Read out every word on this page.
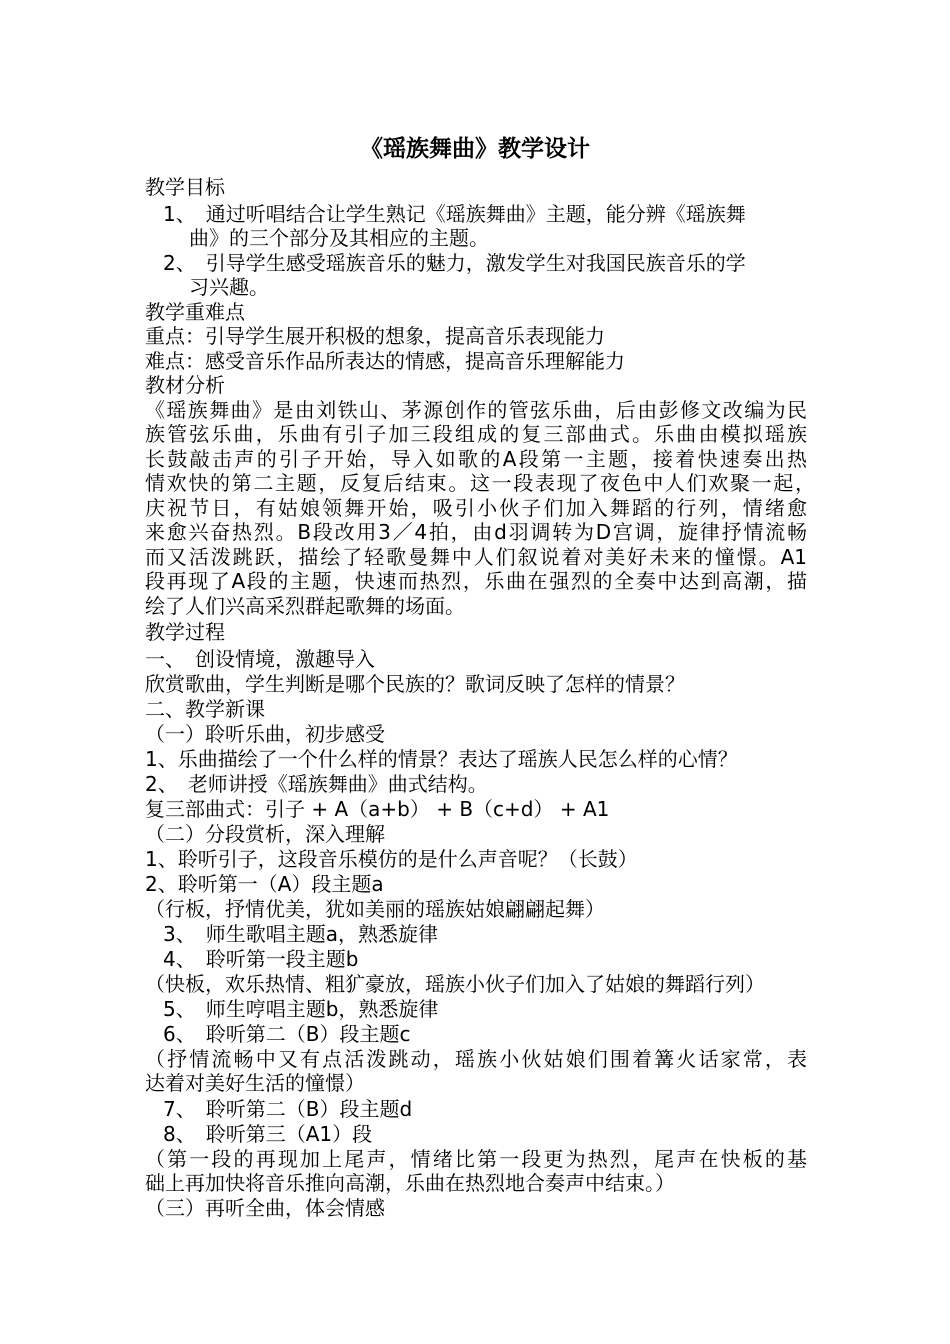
《瑶族舞曲》教学设计
教学目标
1、　通过听唱结合让学生熟记《瑶族舞曲》主题，能分辨《瑶族舞
曲》的三个部分及其相应的主题。
2、　引导学生感受瑶族音乐的魅力，激发学生对我国民族音乐的学
习兴趣。
教学重难点
重点：引导学生展开积极的想象，提高音乐表现能力
难点：感受音乐作品所表达的情感，提高音乐理解能力
教材分析
《瑶族舞曲》是由刘铁山、茅源创作的管弦乐曲，后由彭修文改编为民
族管弦乐曲，乐曲有引子加三段组成的复三部曲式。乐曲由模拟瑶族
长鼓敲击声的引子开始，导入如歌的A段第一主题，接着快速奏出热
情欢快的第二主题，反复后结束。这一段表现了夜色中人们欢聚一起，
庆祝节日，有姑娘领舞开始，吸引小伙子们加入舞蹈的行列，情绪愈
来愈兴奋热烈。B段改用3／4拍，由d羽调转为D宫调，旋律抒情流畅
而又活泼跳跃，描绘了轻歌曼舞中人们叙说着对美好未来的憧憬。A1
段再现了A段的主题，快速而热烈，乐曲在强烈的全奏中达到高潮，描
绘了人们兴高采烈群起歌舞的场面。
教学过程
一、　创设情境，激趣导入
欣赏歌曲，学生判断是哪个民族的？歌词反映了怎样的情景？
二、教学新课
（一）聆听乐曲，初步感受
1、乐曲描绘了一个什么样的情景？表达了瑶族人民怎么样的心情？
2、　老师讲授《瑶族舞曲》曲式结构。
复三部曲式：引子 + A（a+b） + B（c+d） + A1
（二）分段赏析，深入理解
1、聆听引子，这段音乐模仿的是什么声音呢？（长鼓）
2、聆听第一（A）段主题a
（行板，抒情优美，犹如美丽的瑶族姑娘翩翩起舞）
3、　师生歌唱主题a，熟悉旋律
4、　聆听第一段主题b
（快板，欢乐热情、粗犷豪放，瑶族小伙子们加入了姑娘的舞蹈行列）
5、　师生哼唱主题b，熟悉旋律
6、　聆听第二（B）段主题c
（抒情流畅中又有点活泼跳动，瑶族小伙姑娘们围着篝火话家常，表
达着对美好生活的憧憬）
7、　聆听第二（B）段主题d
8、　聆听第三（A1）段
（第一段的再现加上尾声，情绪比第一段更为热烈，尾声在快板的基
础上再加快将音乐推向高潮，乐曲在热烈地合奏声中结束。）
（三）再听全曲，体会情感
